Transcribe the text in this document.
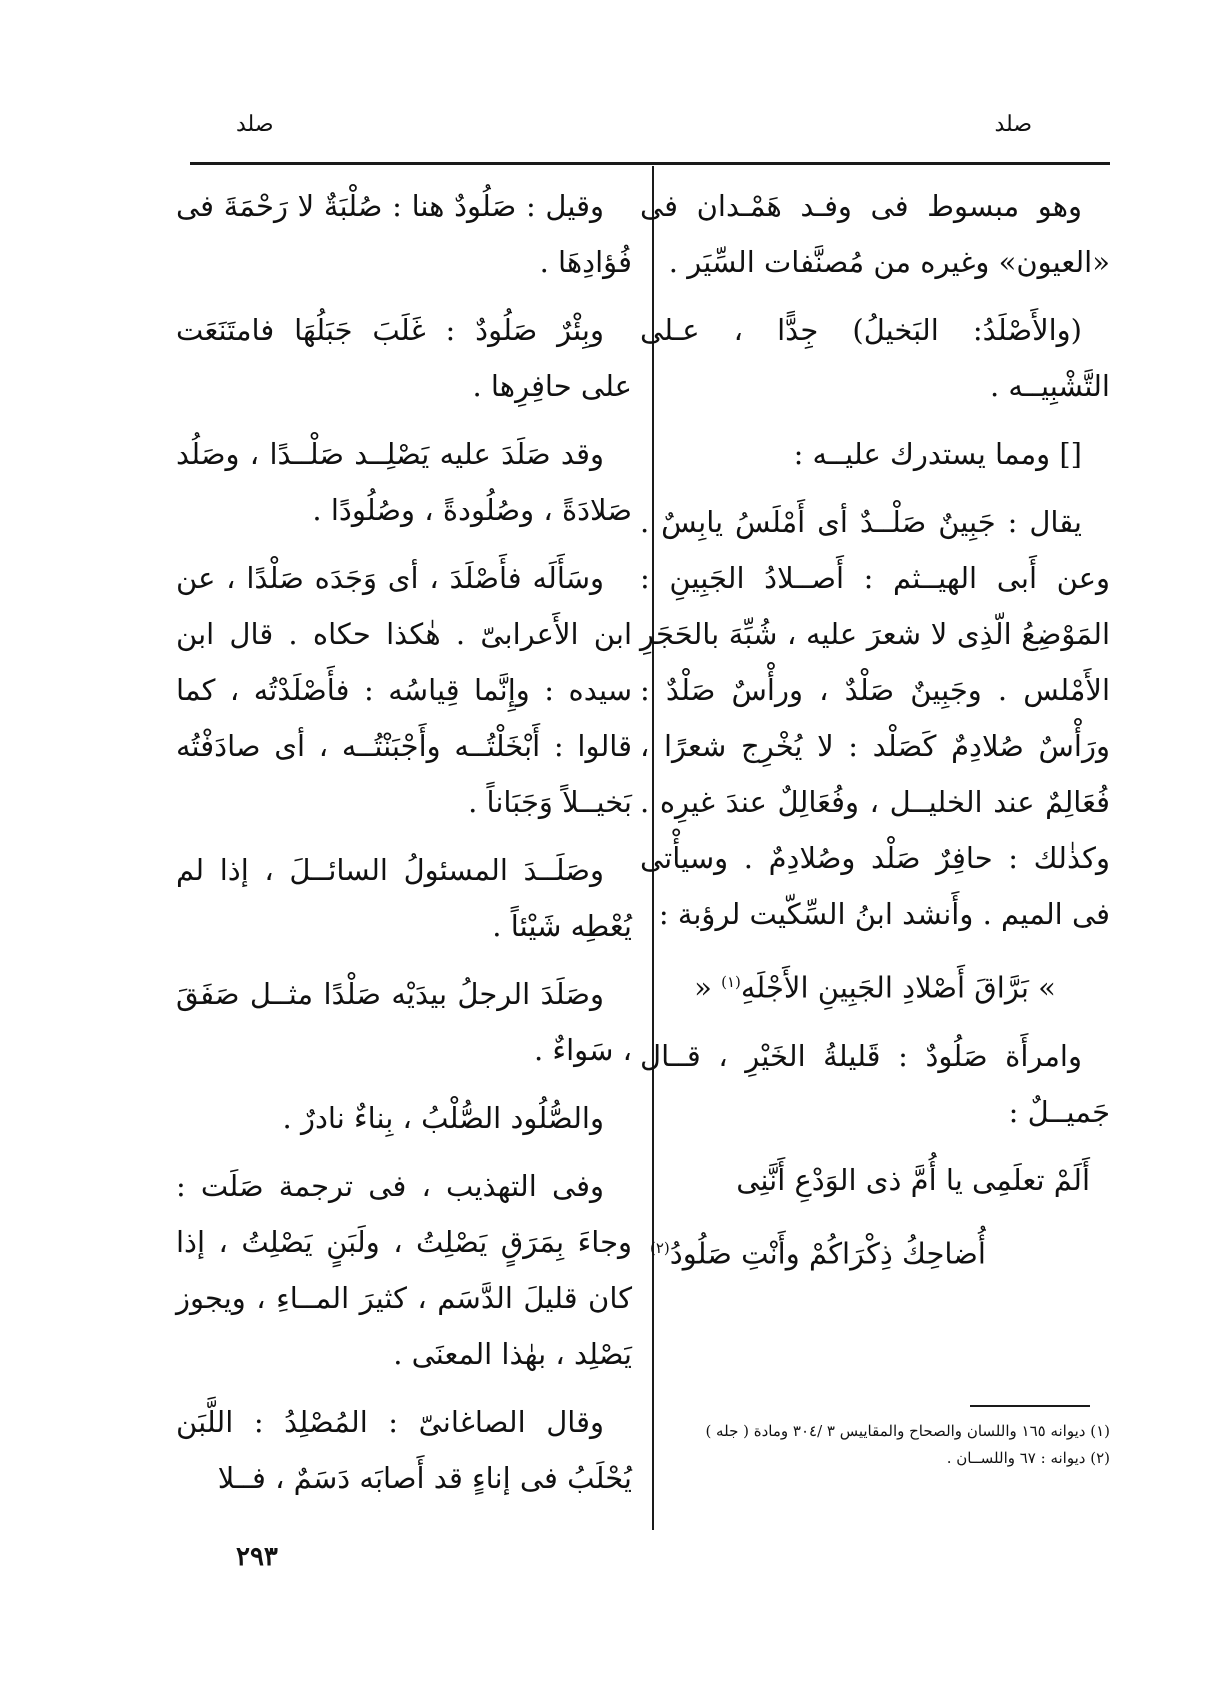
صلد
صلد

وهو مبسوط فى وفـد هَمْـدان فى «العيون» وغيره من مُصنَّفات السِّيَر .

(والأَصْلَدُ: البَخيلُ) جِدًّا ، عـلى التَّشْبِيــه .

[] ومما يستدرك عليــه :

يقال : جَبِينٌ صَلْــدٌ أى أَمْلَسُ يابِسٌ . وعن أَبى الهيــثم : أَصــلادُ الجَبِينِ : المَوْضِعُ الّذِى لا شعرَ عليه ، شُبِّهَ بالحَجَرِ الأَمْلس . وجَبِينٌ صَلْدٌ ، ورأْسٌ صَلْدٌ : ورَأْسٌ صُلادِمٌ كَصَلْد : لا يُخْرِج شعرًا ، فُعَالِمٌ عند الخليــل ، وفُعَالِلٌ عندَ غيرِه . وكذٰلك : حافِرٌ صَلْد وصُلادِمٌ . وسيأْتى فى الميم . وأَنشد ابنُ السِّكّيت لرؤبة :

» بَرَّاقَ أَصْلادِ الجَبِينِ الأَجْلَهِ$^{(١)}$ «

وامرأَة صَلُودٌ : قَليلةُ الخَيْرِ ، قــال جَميــلٌ :

أَلَمْ تعلَمِى يا أُمَّ ذى الوَدْعِ أَنَّنِى

أُضاحِكُ ذِكْرَاكُمْ وأَنْتِ صَلُودُ$^{(٢)}$

وقيل : صَلُودٌ هنا : صُلْبَةٌ لا رَحْمَةَ فى فُؤادِهَا .

وبِئْرٌ صَلُودٌ : غَلَبَ جَبَلُهَا فامتَنَعَت على حافِرِها .

وقد صَلَدَ عليه يَصْلِــد صَلْــدًا ، وصَلُد صَلادَةً ، وصُلُودةً ، وصُلُودًا .

وسَأَلَه فأَصْلَدَ ، أى وَجَدَه صَلْدًا ، عن ابن الأَعرابىّ . هٰكذا حكاه . قال ابن سيده : وإِنَّما قِياسُه : فأَصْلَدْتُه ، كما قالوا : أَبْخَلْتُــه وأَجْبَنْتُــه ، أى صادَفْتُه بَخيــلاً وَجَبَاناً .

وصَلَــدَ المسئولُ السائــلَ ، إذا لم يُعْطِه شَيْئاً .

وصَلَدَ الرجلُ بيدَيْه صَلْدًا مثــل صَفَقَ ، سَواءٌ .

والصُّلُود الصُّلْبُ ، بِناءٌ نادرٌ .

وفى التهذيب ، فى ترجمة صَلَت : وجاءَ بِمَرَقٍ يَصْلِتُ ، ولَبَنٍ يَصْلِتُ ، إذا كان قليلَ الدَّسَم ، كثيرَ المــاءِ ، ويجوز يَصْلِد ، بهٰذا المعنَى .

وقال الصاغانىّ : المُصْلِدُ : اللَّبَن يُحْلَبُ فى إناءٍ قد أَصابَه دَسَمٌ ، فــلا

(١) ديوانه ١٦٥ واللسان والصحاح والمقاييس ٣ /٣٠٤ ومادة ( جله )
(٢) ديوانه : ٦٧ واللســان .
٢٩٣
